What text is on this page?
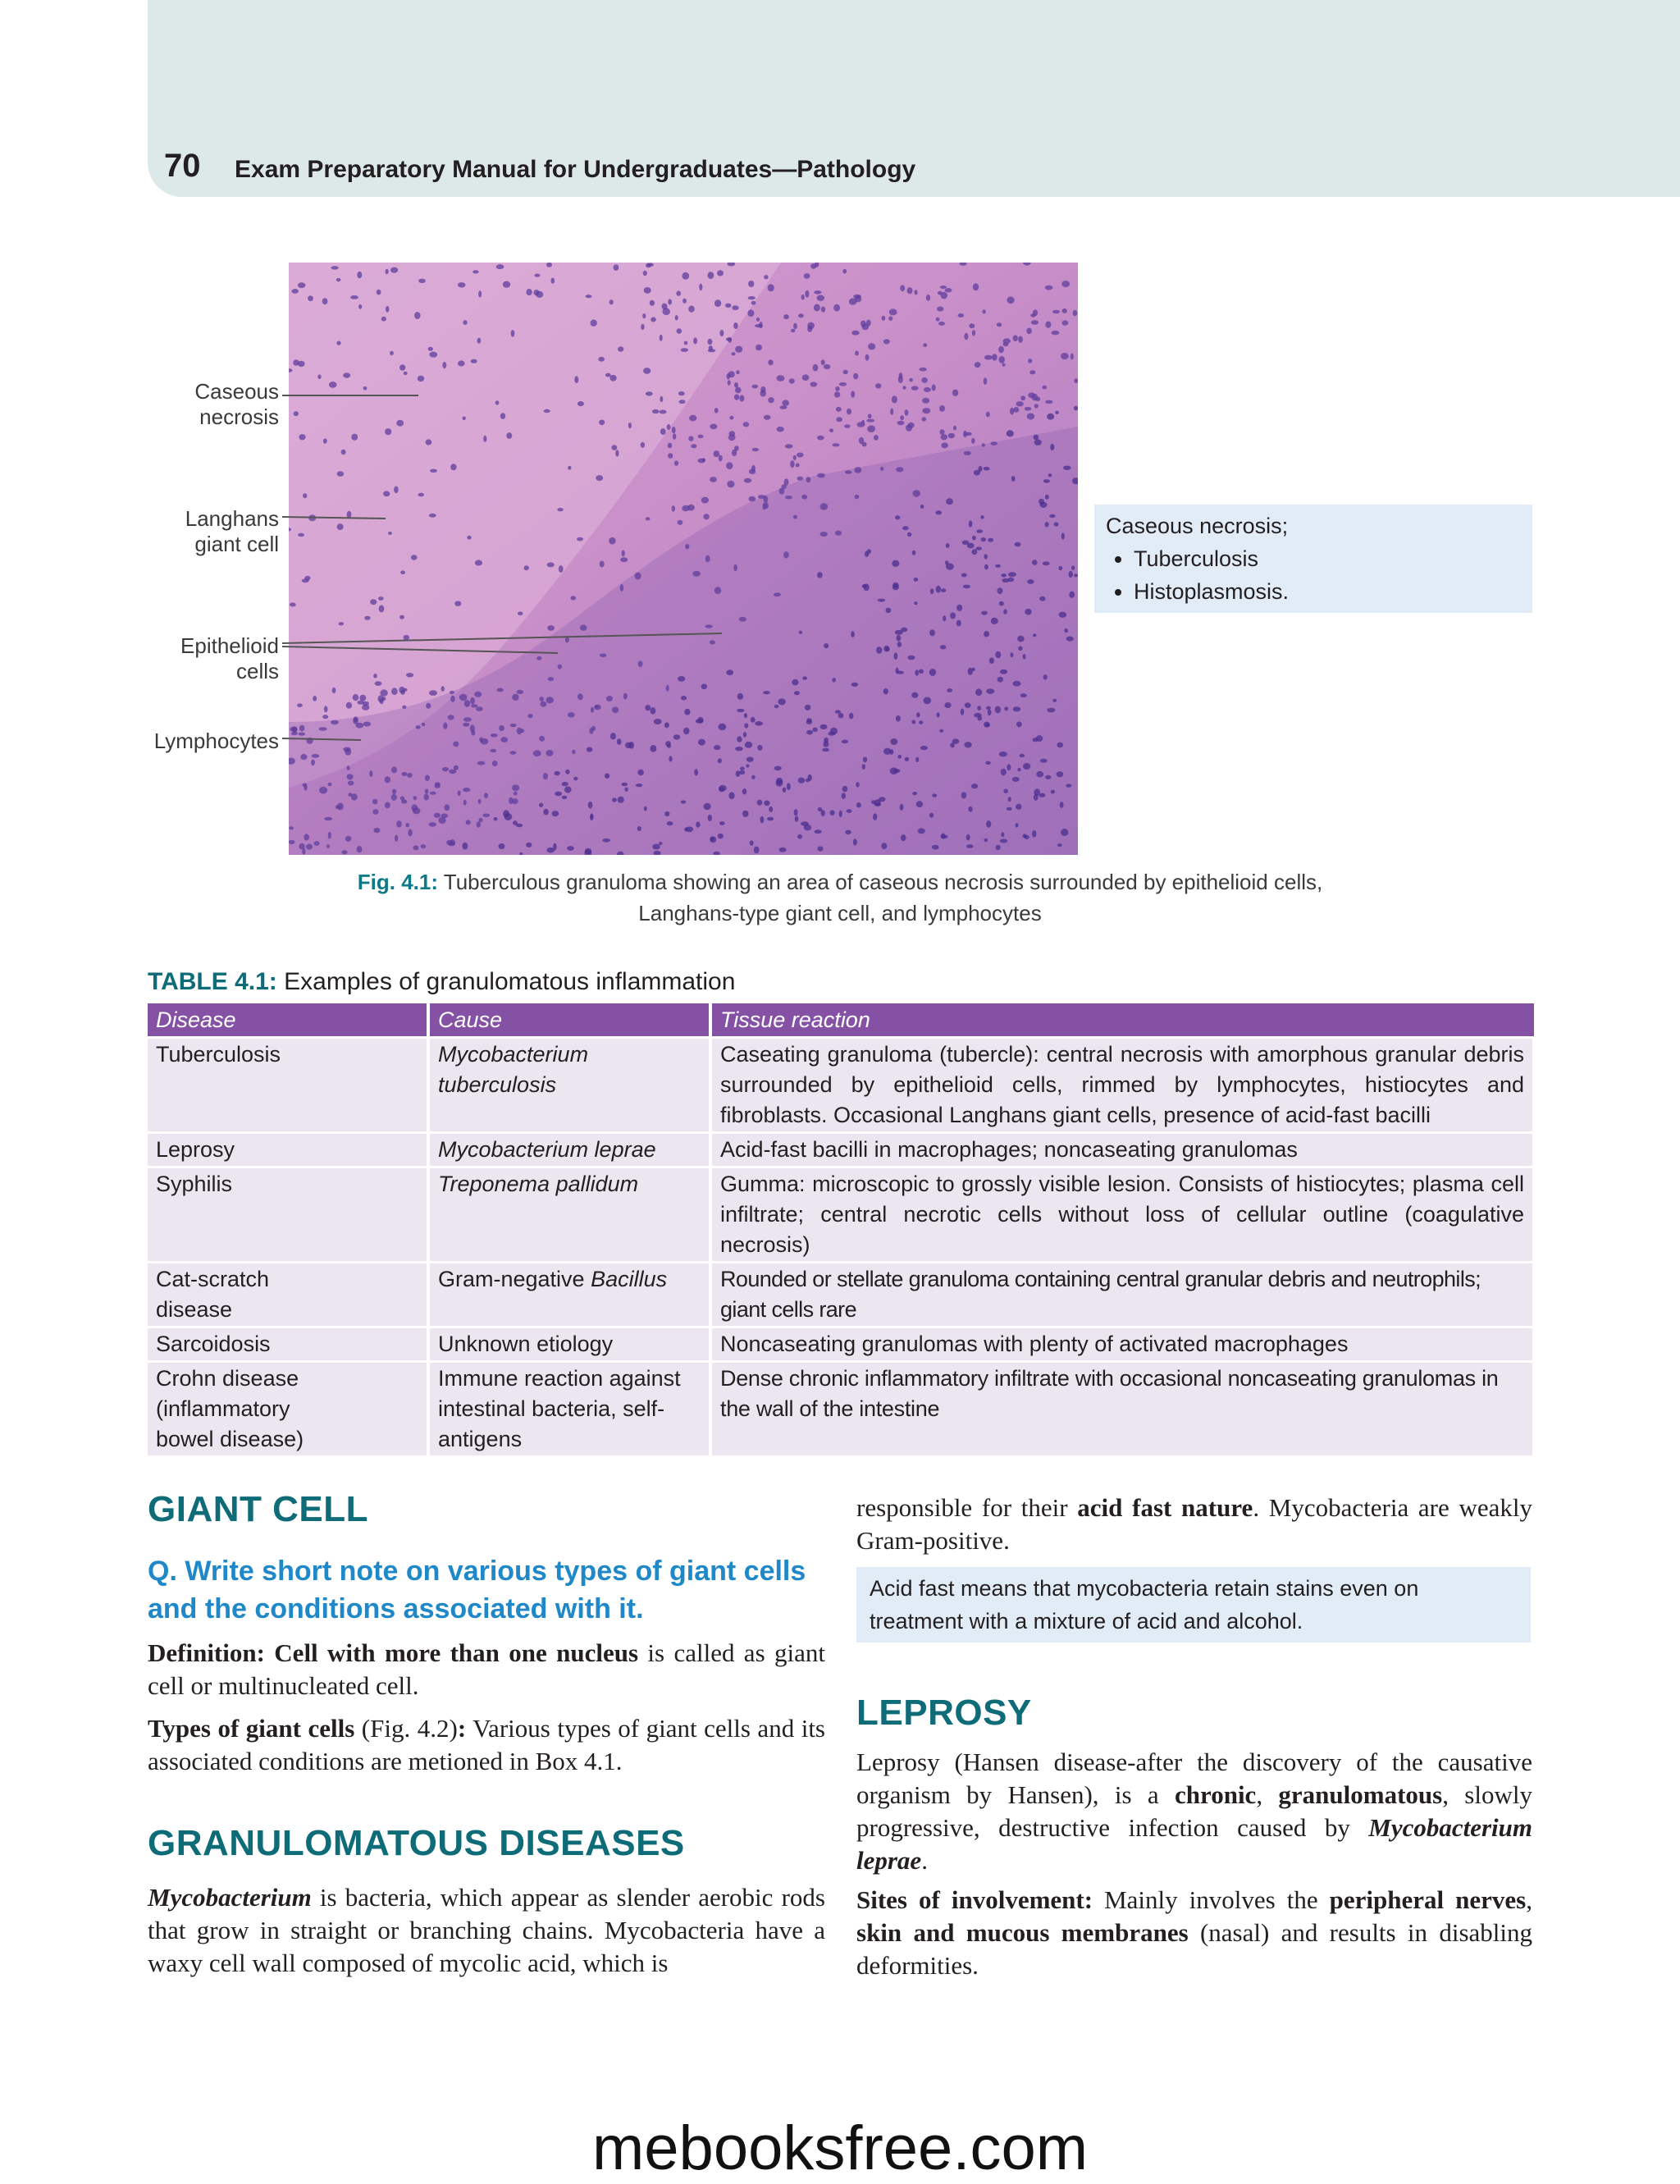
70 Exam Preparatory Manual for Undergraduates—Pathology
Caseous
necrosis
Langhans
giant cell
Epithelioid
cells
Lymphocytes
Caseous necrosis;
• Tuberculosis
• Histoplasmosis.
Fig. 4.1: Tuberculous granuloma showing an area of caseous necrosis surrounded by epithelioid cells,
Langhans-type giant cell, and lymphocytes
TABLE 4.1: Examples of granulomatous inflammation
Disease	Cause	Tissue reaction
Tuberculosis	Mycobacterium tuberculosis	Caseating granuloma (tubercle): central necrosis with amorphous granular debris surrounded by epithelioid cells, rimmed by lymphocytes, histiocytes and fibroblasts. Occasional Langhans giant cells, presence of acid-fast bacilli
Leprosy	Mycobacterium leprae	Acid-fast bacilli in macrophages; noncaseating granulomas
Syphilis	Treponema pallidum	Gumma: microscopic to grossly visible lesion. Consists of histiocytes; plasma cell infiltrate; central necrotic cells without loss of cellular outline (coagulative necrosis)
Cat-scratch disease	Gram-negative Bacillus	Rounded or stellate granuloma containing central granular debris and neutrophils; giant cells rare
Sarcoidosis	Unknown etiology	Noncaseating granulomas with plenty of activated macrophages
Crohn disease (inflammatory bowel disease)	Immune reaction against intestinal bacteria, self-antigens	Dense chronic inflammatory infiltrate with occasional noncaseating granulomas in the wall of the intestine
GIANT CELL
Q. Write short note on various types of giant cells and the conditions associated with it.
Definition: Cell with more than one nucleus is called as giant cell or multinucleated cell.
Types of giant cells (Fig. 4.2): Various types of giant cells and its associated conditions are metioned in Box 4.1.
GRANULOMATOUS DISEASES
Mycobacterium is bacteria, which appear as slender aerobic rods that grow in straight or branching chains. Mycobacteria have a waxy cell wall composed of mycolic acid, which is
responsible for their acid fast nature. Mycobacteria are weakly Gram-positive.
Acid fast means that mycobacteria retain stains even on treatment with a mixture of acid and alcohol.
LEPROSY
Leprosy (Hansen disease-after the discovery of the causative organism by Hansen), is a chronic, granulomatous, slowly progressive, destructive infection caused by Mycobacterium leprae.
Sites of involvement: Mainly involves the peripheral nerves, skin and mucous membranes (nasal) and results in disabling deformities.
mebooksfree.com
